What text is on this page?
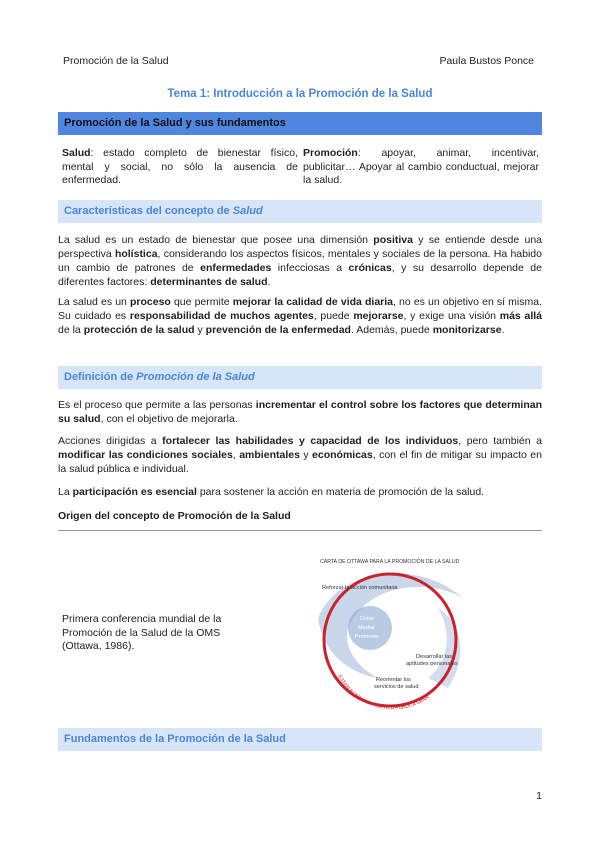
Promoción de la Salud	Paula Bustos Ponce
Tema 1: Introducción a la Promoción de la Salud
Promoción de la Salud y sus fundamentos
Salud: estado completo de bienestar físico, mental y social, no sólo la ausencia de enfermedad.
Promoción: apoyar, animar, incentivar, publicitar… Apoyar al cambio conductual, mejorar la salud.
Características del concepto de Salud
La salud es un estado de bienestar que posee una dimensión positiva y se entiende desde una perspectiva holística, considerando los aspectos físicos, mentales y sociales de la persona. Ha habido un cambio de patrones de enfermedades infecciosas a crónicas, y su desarrollo depende de diferentes factores: determinantes de salud.
La salud es un proceso que permite mejorar la calidad de vida diaria, no es un objetivo en sí misma. Su cuidado es responsabilidad de muchos agentes, puede mejorarse, y exige una visión más allá de la protección de la salud y prevención de la enfermedad. Además, puede monitorizarse.
Definición de Promoción de la Salud
Es el proceso que permite a las personas incrementar el control sobre los factores que determinan su salud, con el objetivo de mejorarla.
Acciones dirigidas a fortalecer las habilidades y capacidad de los individuos, pero también a modificar las condiciones sociales, ambientales y económicas, con el fin de mitigar su impacto en la salud pública e individual.
La participación es esencial para sostener la acción en materia de promoción de la salud.
Origen del concepto de Promoción de la Salud
Primera conferencia mundial de la Promoción de la Salud de la OMS (Ottawa, 1986).
CARTA DE OTTAWA PARA LA PROMOCIÓN DE LA SALUD
Reforzar la acción comunitaria
Dotar
Mediar
Promover
Desarrollar las
aptitudes personales
Reorientar los
servicios de salud
ESTABLECER UNA POLÍTICA PÚBLICA SANA
Fundamentos de la Promoción de la Salud
1
